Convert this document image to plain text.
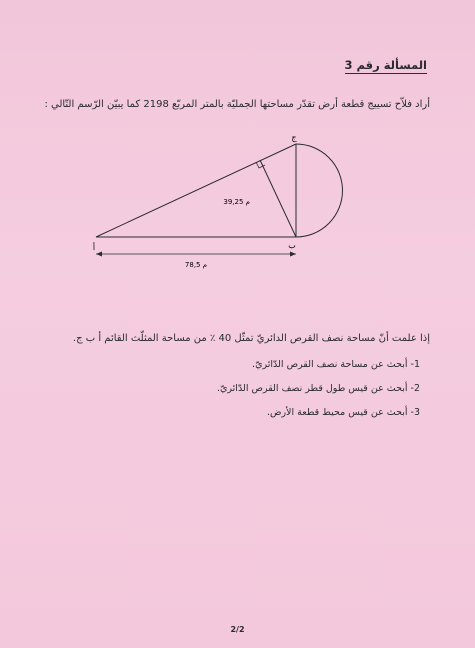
المسألة رقم 3
أراد فلاّح تسييج قطعة أرض تقدّر مساحتها الجمليّة بالمتر المربّع 2198 كما يبيّن الرّسم التّالي :
أ	ب
ج
39,25 م
78,5 م
إذا علمت أنّ مساحة نصف القرص الدائريّ تمثّل 40 ٪ من مساحة المثلّث القائم أ ب ج.
1- أبحث عن مساحة نصف القرص الدّائريّ.
2- أبحث عن قيس طول قطر نصف القرص الدّائريّ.
3- أبحث عن قيس محيط قطعة الأرض.
2/2
